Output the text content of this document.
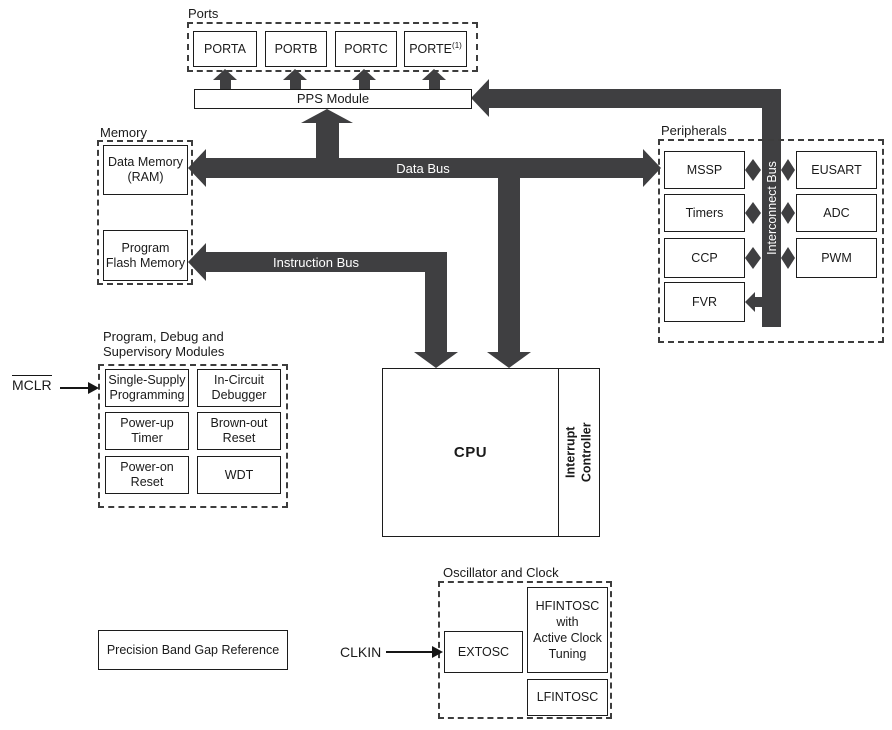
Interconnect Bus
Data Bus
Instruction Bus
Ports
PORTA PORTB PORTC PORTE$^{(1)}$
PPS Module
Memory
Data Memory
(RAM)
Program
Flash Memory
Peripherals
MSSP
Timers
CCP
FVR
EUSART
ADC
PWM
Program, Debug and
Supervisory Modules
Single-Supply
Programming
In-Circuit
Debugger
Power-up
Timer
Brown-out
Reset
Power-on
Reset
WDT
MCLR
CPU	Interrupt Controller
Oscillator and Clock
EXTOSC
HFINTOSC
with
Active Clock
Tuning
LFINTOSC
CLKIN
Precision Band Gap Reference
